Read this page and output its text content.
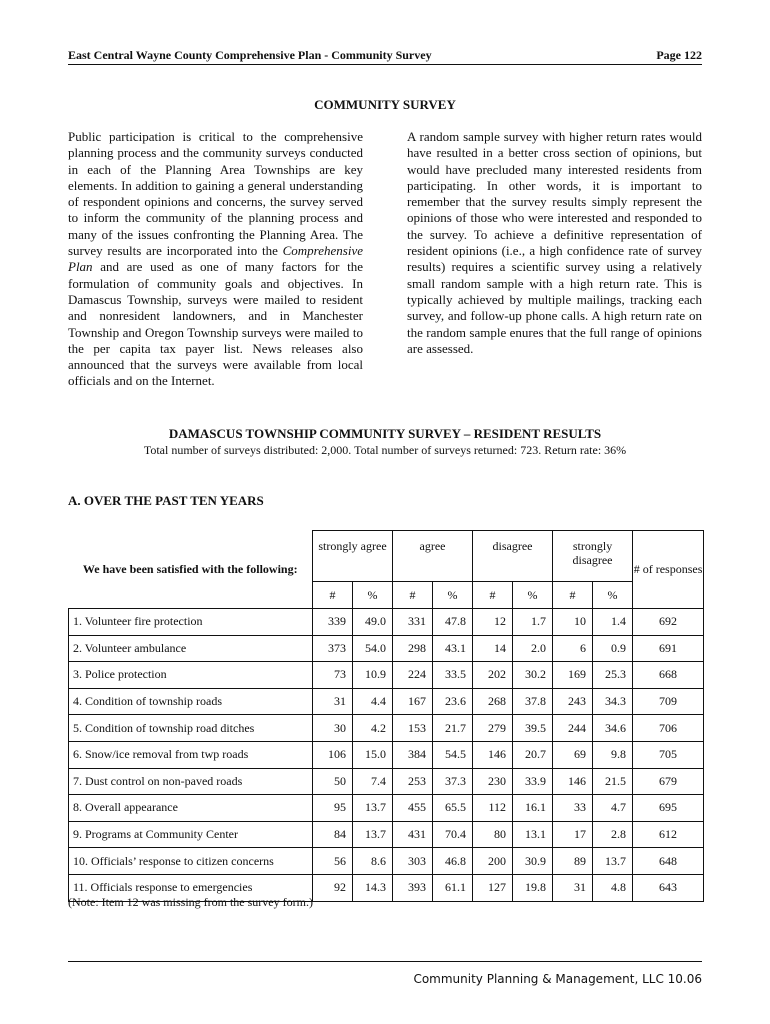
East Central Wayne County Comprehensive Plan - Community Survey	Page 122
COMMUNITY SURVEY
Public participation is critical to the comprehensive planning process and the community surveys conducted in each of the Planning Area Townships are key elements. In addition to gaining a general understanding of respondent opinions and concerns, the survey served to inform the community of the planning process and many of the issues confronting the Planning Area. The survey results are incorporated into the Comprehensive Plan and are used as one of many factors for the formulation of community goals and objectives. In Damascus Township, surveys were mailed to resident and nonresident landowners, and in Manchester Township and Oregon Township surveys were mailed to the per capita tax payer list. News releases also announced that the surveys were available from local officials and on the Internet.
A random sample survey with higher return rates would have resulted in a better cross section of opinions, but would have precluded many interested residents from participating. In other words, it is important to remember that the survey results simply represent the opinions of those who were interested and responded to the survey. To achieve a definitive representation of resident opinions (i.e., a high confidence rate of survey results) requires a scientific survey using a relatively small random sample with a high return rate. This is typically achieved by multiple mailings, tracking each survey, and follow-up phone calls. A high return rate on the random sample enures that the full range of opinions are assessed.
DAMASCUS TOWNSHIP COMMUNITY SURVEY – RESIDENT RESULTS
Total number of surveys distributed: 2,000. Total number of surveys returned: 723. Return rate: 36%
A. OVER THE PAST TEN YEARS
We have been satisfied with the following:	strongly agree		agree		disagree		strongly disagree		# of responses
	#	%	#	%	#	%	#	%	
1. Volunteer fire protection	339	49.0	331	47.8	12	1.7	10	1.4	692
2. Volunteer ambulance	373	54.0	298	43.1	14	2.0	6	0.9	691
3. Police protection	73	10.9	224	33.5	202	30.2	169	25.3	668
4. Condition of township roads	31	4.4	167	23.6	268	37.8	243	34.3	709
5. Condition of township road ditches	30	4.2	153	21.7	279	39.5	244	34.6	706
6. Snow/ice removal from twp roads	106	15.0	384	54.5	146	20.7	69	9.8	705
7. Dust control on non-paved roads	50	7.4	253	37.3	230	33.9	146	21.5	679
8. Overall appearance	95	13.7	455	65.5	112	16.1	33	4.7	695
9. Programs at Community Center	84	13.7	431	70.4	80	13.1	17	2.8	612
10. Officials’ response to citizen concerns	56	8.6	303	46.8	200	30.9	89	13.7	648
11. Officials response to emergencies	92	14.3	393	61.1	127	19.8	31	4.8	643
(Note: Item 12 was missing from the survey form.)
Community Planning & Management, LLC 10.06
